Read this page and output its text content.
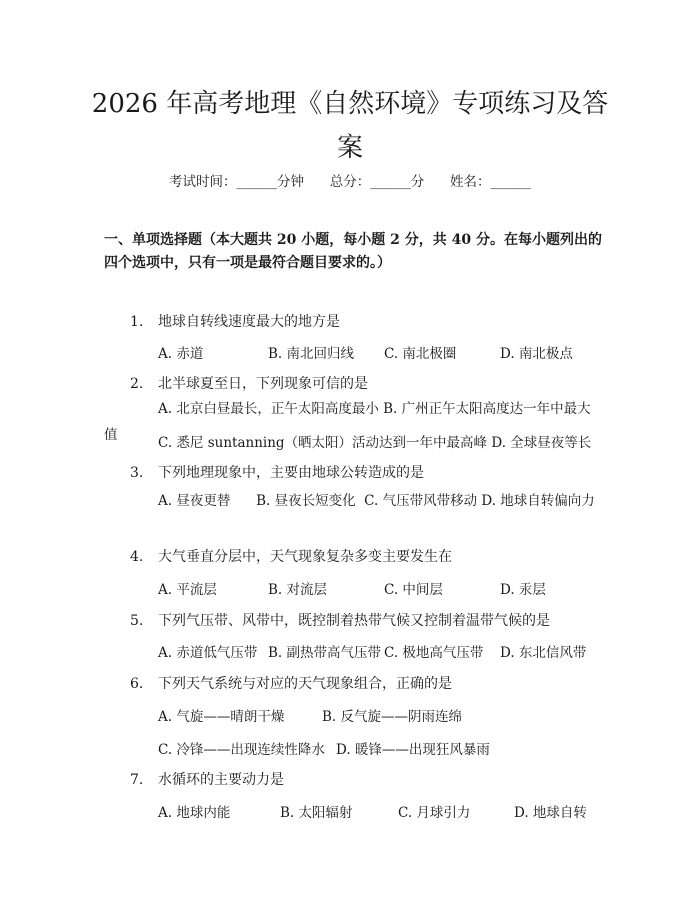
2026 年高考地理《自然环境》专项练习及答案
考试时间：______分钟      总分：______分      姓名：______

一、单项选择题（本大题共 20 小题，每小题 2 分，共 40 分。在每小题列出的四个选项中，只有一项是最符合题目要求的。）

1. 地球自转线速度最大的地方是
A. 赤道	B. 南北回归线 C. 南北极圈	D. 南北极点
2. 北半球夏至日，下列现象可信的是

A. 北京白昼最长，正午太阳高度最小 B. 广州正午太阳高度达一年中最大值	C. 悉尼 suntanning（晒太阳）活动达到一年中最高峰 D. 全球昼夜等长
3. 下列地理现象中，主要由地球公转造成的是

A. 昼夜更替      B. 昼夜长短变化  C. 气压带风带移动 D. 地球自转偏向力

4. 大气垂直分层中，天气现象复杂多变主要发生在
A. 平流层	B. 对流层	C. 中间层	D. 汞层
5. 下列气压带、风带中，既控制着热带气候又控制着温带气候的是
A. 赤道低气压带 B. 副热带高气压带 C. 极地高气压带 D. 东北信风带
6. 下列天气系统与对应的天气现象组合，正确的是
A. 气旋——晴朗干燥	B. 反气旋——阴雨连绵
C. 冷锋——出现连续性降水 D. 暖锋——出现狂风暴雨
7. 水循环的主要动力是
A. 地球内能	B. 太阳辐射	C. 月球引力	D. 地球自转
